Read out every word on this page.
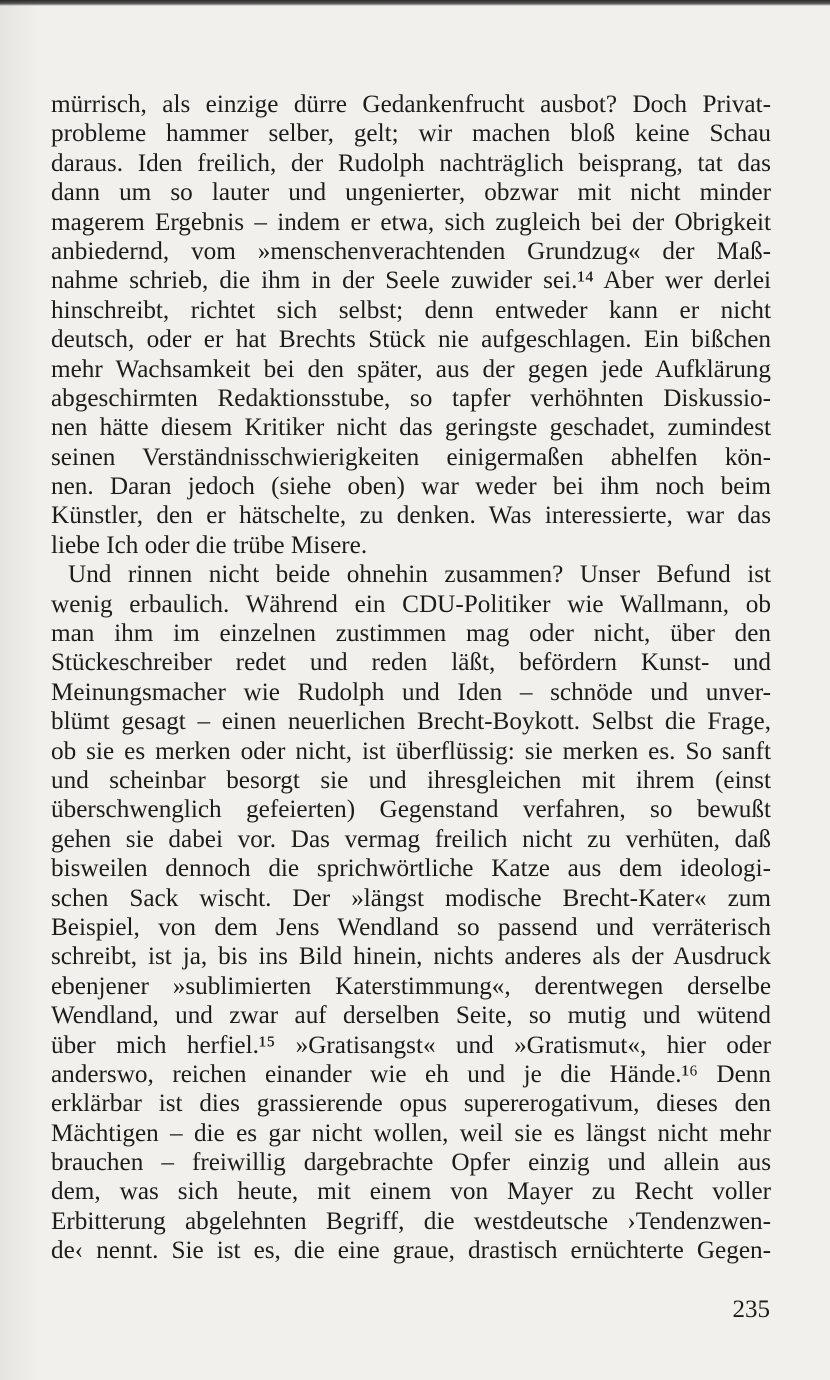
mürrisch, als einzige dürre Gedankenfrucht ausbot? Doch Privat-
probleme hammer selber, gelt; wir machen bloß keine Schau
daraus. Iden freilich, der Rudolph nachträglich beisprang, tat das
dann um so lauter und ungenierter, obzwar mit nicht minder
magerem Ergebnis – indem er etwa, sich zugleich bei der Obrigkeit
anbiedernd, vom »menschenverachtenden Grundzug« der Maß-
nahme schrieb, die ihm in der Seele zuwider sei.¹⁴ Aber wer derlei
hinschreibt, richtet sich selbst; denn entweder kann er nicht
deutsch, oder er hat Brechts Stück nie aufgeschlagen. Ein bißchen
mehr Wachsamkeit bei den später, aus der gegen jede Aufklärung
abgeschirmten Redaktionsstube, so tapfer verhöhnten Diskussio-
nen hätte diesem Kritiker nicht das geringste geschadet, zumindest
seinen Verständnisschwierigkeiten einigermaßen abhelfen kön-
nen. Daran jedoch (siehe oben) war weder bei ihm noch beim
Künstler, den er hätschelte, zu denken. Was interessierte, war das
liebe Ich oder die trübe Misere.
Und rinnen nicht beide ohnehin zusammen? Unser Befund ist
wenig erbaulich. Während ein CDU-Politiker wie Wallmann, ob
man ihm im einzelnen zustimmen mag oder nicht, über den
Stückeschreiber redet und reden läßt, befördern Kunst- und
Meinungsmacher wie Rudolph und Iden – schnöde und unver-
blümt gesagt – einen neuerlichen Brecht-Boykott. Selbst die Frage,
ob sie es merken oder nicht, ist überflüssig: sie merken es. So sanft
und scheinbar besorgt sie und ihresgleichen mit ihrem (einst
überschwenglich gefeierten) Gegenstand verfahren, so bewußt
gehen sie dabei vor. Das vermag freilich nicht zu verhüten, daß
bisweilen dennoch die sprichwörtliche Katze aus dem ideologi-
schen Sack wischt. Der »längst modische Brecht-Kater« zum
Beispiel, von dem Jens Wendland so passend und verräterisch
schreibt, ist ja, bis ins Bild hinein, nichts anderes als der Ausdruck
ebenjener »sublimierten Katerstimmung«, derentwegen derselbe
Wendland, und zwar auf derselben Seite, so mutig und wütend
über mich herfiel.¹⁵ »Gratisangst« und »Gratismut«, hier oder
anderswo, reichen einander wie eh und je die Hände.¹⁶ Denn
erklärbar ist dies grassierende opus supererogativum, dieses den
Mächtigen – die es gar nicht wollen, weil sie es längst nicht mehr
brauchen – freiwillig dargebrachte Opfer einzig und allein aus
dem, was sich heute, mit einem von Mayer zu Recht voller
Erbitterung abgelehnten Begriff, die westdeutsche ›Tendenzwen-
de‹ nennt. Sie ist es, die eine graue, drastisch ernüchterte Gegen-
235
